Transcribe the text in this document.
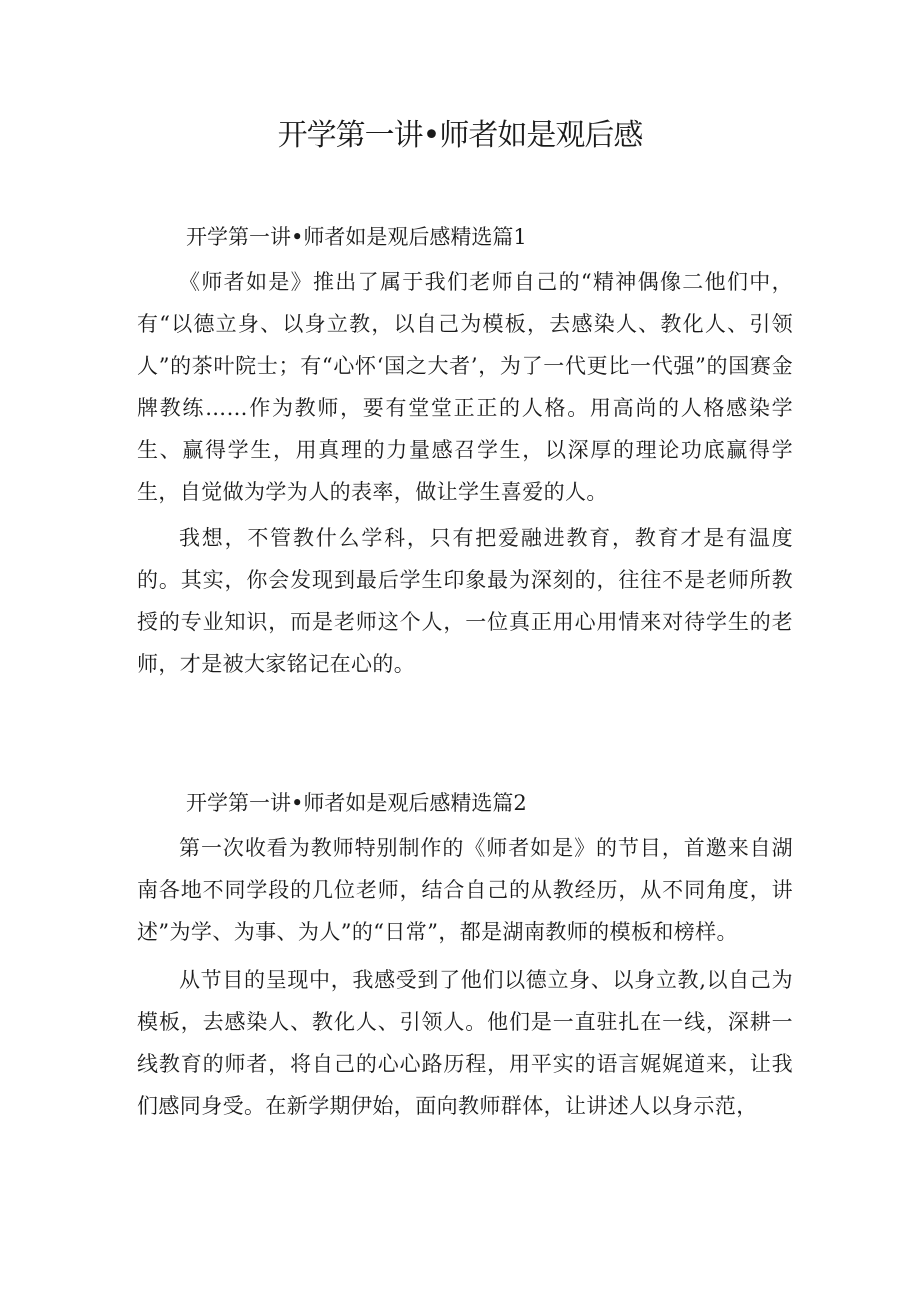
开学第一讲•师者如是观后感
开学第一讲•师者如是观后感精选篇1

《师者如是》推出了属于我们老师自己的“精神偶像二他们中，有“以德立身、以身立教，以自己为模板，去感染人、教化人、引领人”的茶叶院士；有“心怀‘国之大者’，为了一代更比一代强”的国赛金牌教练……作为教师，要有堂堂正正的人格。用高尚的人格感染学生、赢得学生，用真理的力量感召学生，以深厚的理论功底赢得学生，自觉做为学为人的表率，做让学生喜爱的人。

我想，不管教什么学科，只有把爱融进教育，教育才是有温度的。其实，你会发现到最后学生印象最为深刻的，往往不是老师所教授的专业知识，而是老师这个人，一位真正用心用情来对待学生的老师，才是被大家铭记在心的。

开学第一讲•师者如是观后感精选篇2

第一次收看为教师特别制作的《师者如是》的节目，首邀来自湖南各地不同学段的几位老师，结合自己的从教经历，从不同角度，讲述”为学、为事、为人”的“日常”，都是湖南教师的模板和榜样。

从节目的呈现中，我感受到了他们以德立身、以身立教,以自己为模板，去感染人、教化人、引领人。他们是一直驻扎在一线，深耕一线教育的师者，将自己的心心路历程，用平实的语言娓娓道来，让我们感同身受。在新学期伊始，面向教师群体，让讲述人以身示范，
